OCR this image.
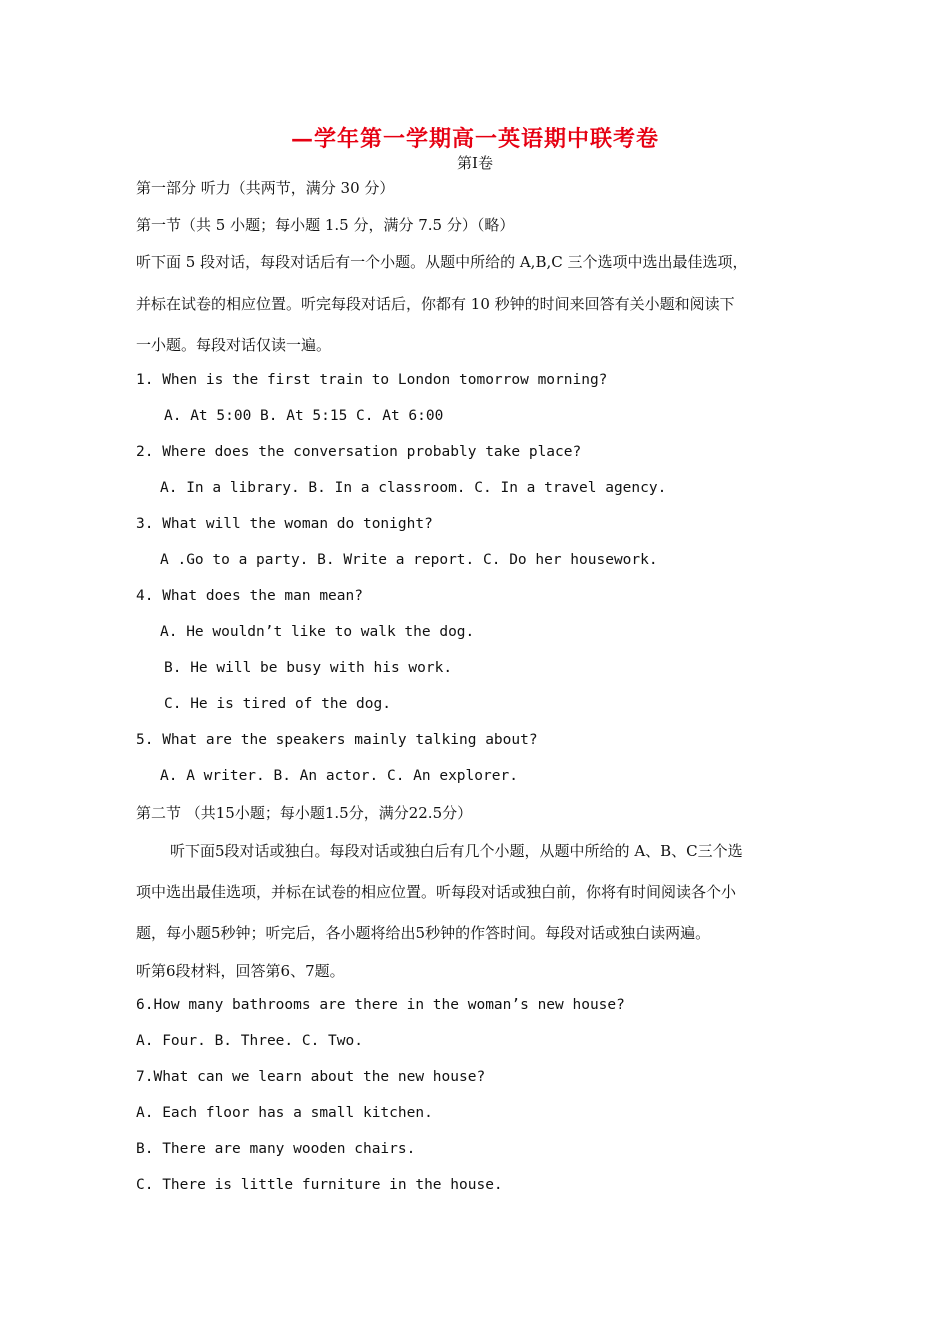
—学年第一学期高一英语期中联考卷
第Ⅰ卷
第一部分 听力（共两节，满分 30 分）
第一节（共 5 小题；每小题 1.5 分，满分 7.5 分）（略）
听下面 5 段对话，每段对话后有一个小题。从题中所给的 A,B,C 三个选项中选出最佳选项，
并标在试卷的相应位置。听完每段对话后，你都有 10 秒钟的时间来回答有关小题和阅读下
一小题。每段对话仅读一遍。
1. When is the first train to London tomorrow morning?
A. At 5:00 B. At 5:15 C. At 6:00
2. Where does the conversation probably take place?
A. In a library. B. In a classroom. C. In a travel agency.
3. What will the woman do tonight?
A .Go to a party. B. Write a report. C. Do her housework.
4. What does the man mean?
A. He wouldn’t like to walk the dog.
B. He will be busy with his work.
C. He is tired of the dog.
5. What are the speakers mainly talking about?
A. A writer. B. An actor. C. An explorer.
第二节 （共15小题；每小题1.5分，满分22.5分）
听下面5段对话或独白。每段对话或独白后有几个小题，从题中所给的 A、B、C三个选
项中选出最佳选项，并标在试卷的相应位置。听每段对话或独白前，你将有时间阅读各个小
题，每小题5秒钟；听完后，各小题将给出5秒钟的作答时间。每段对话或独白读两遍。
听第6段材料，回答第6、7题。
6.How many bathrooms are there in the woman’s new house?
A. Four. B. Three. C. Two.
7.What can we learn about the new house?
A. Each floor has a small kitchen.
B. There are many wooden chairs.
C. There is little furniture in the house.
